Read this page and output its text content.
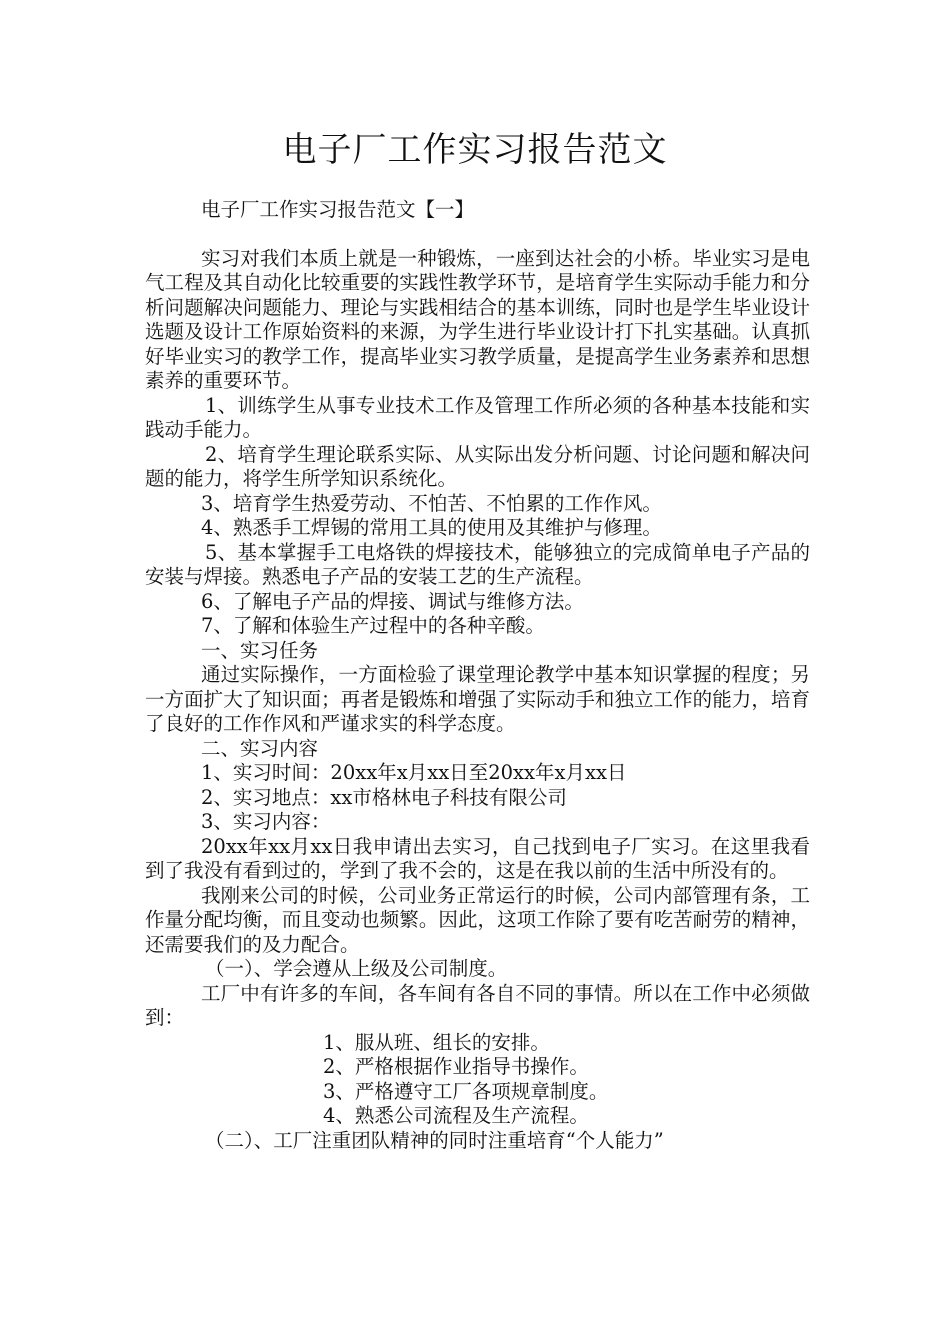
电子厂工作实习报告范文

电子厂工作实习报告范文【一】

实习对我们本质上就是一种锻炼，一座到达社会的小桥。毕业实习是电气工程及其自动化比较重要的实践性教学环节，是培育学生实际动手能力和分析问题解决问题能力、理论与实践相结合的基本训练，同时也是学生毕业设计选题及设计工作原始资料的来源，为学生进行毕业设计打下扎实基础。认真抓好毕业实习的教学工作，提高毕业实习教学质量，是提高学生业务素养和思想素养的重要环节。

1、训练学生从事专业技术工作及管理工作所必须的各种基本技能和实践动手能力。

2、培育学生理论联系实际、从实际出发分析问题、讨论问题和解决问题的能力，将学生所学知识系统化。

3、培育学生热爱劳动、不怕苦、不怕累的工作作风。

4、熟悉手工焊锡的常用工具的使用及其维护与修理。

5、基本掌握手工电烙铁的焊接技术，能够独立的完成简单电子产品的安装与焊接。熟悉电子产品的安装工艺的生产流程。

6、了解电子产品的焊接、调试与维修方法。

7、了解和体验生产过程中的各种辛酸。

一、实习任务

通过实际操作，一方面检验了课堂理论教学中基本知识掌握的程度；另一方面扩大了知识面；再者是锻炼和增强了实际动手和独立工作的能力，培育了良好的工作作风和严谨求实的科学态度。

二、实习内容

1、实习时间：20xx年x月xx日至20xx年x月xx日

2、实习地点：xx市格林电子科技有限公司

3、实习内容：

20xx年xx月xx日我申请出去实习，自己找到电子厂实习。在这里我看到了我没有看到过的，学到了我不会的，这是在我以前的生活中所没有的。

我刚来公司的时候，公司业务正常运行的时候，公司内部管理有条，工作量分配均衡，而且变动也频繁。因此，这项工作除了要有吃苦耐劳的精神，还需要我们的及力配合。

（一）、学会遵从上级及公司制度。

工厂中有许多的车间，各车间有各自不同的事情。所以在工作中必须做到：

1、服从班、组长的安排。

2、严格根据作业指导书操作。

3、严格遵守工厂各项规章制度。

4、熟悉公司流程及生产流程。

（二）、工厂注重团队精神的同时注重培育“个人能力”
